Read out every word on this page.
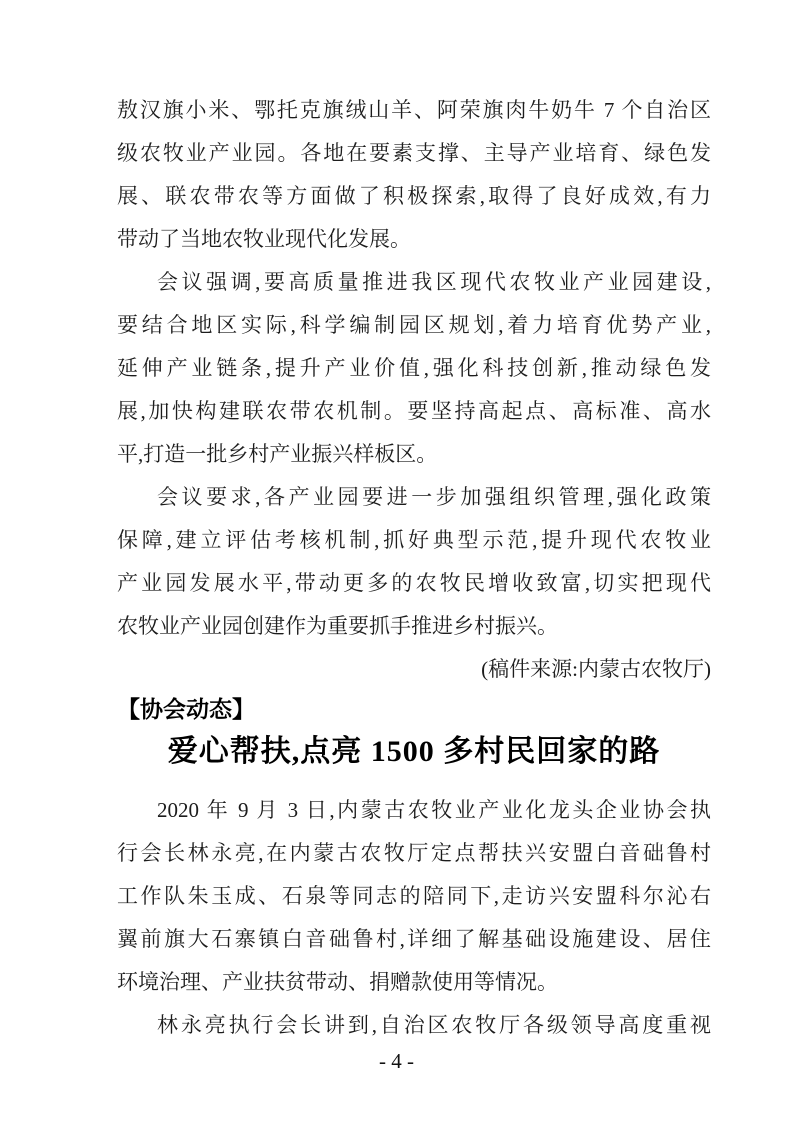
敖汉旗小米、鄂托克旗绒山羊、阿荣旗肉牛奶牛 7 个自治区
级农牧业产业园。各地在要素支撑、主导产业培育、绿色发
展、联农带农等方面做了积极探索,取得了良好成效,有力
带动了当地农牧业现代化发展。
会议强调,要高质量推进我区现代农牧业产业园建设,
要结合地区实际,科学编制园区规划,着力培育优势产业,
延伸产业链条,提升产业价值,强化科技创新,推动绿色发
展,加快构建联农带农机制。要坚持高起点、高标准、高水
平,打造一批乡村产业振兴样板区。
会议要求,各产业园要进一步加强组织管理,强化政策
保障,建立评估考核机制,抓好典型示范,提升现代农牧业
产业园发展水平,带动更多的农牧民增收致富,切实把现代
农牧业产业园创建作为重要抓手推进乡村振兴。
(稿件来源:内蒙古农牧厅)
【协会动态】
爱心帮扶,点亮 1500 多村民回家的路
2020 年 9 月 3 日,内蒙古农牧业产业化龙头企业协会执
行会长林永亮,在内蒙古农牧厅定点帮扶兴安盟白音础鲁村
工作队朱玉成、石泉等同志的陪同下,走访兴安盟科尔沁右
翼前旗大石寨镇白音础鲁村,详细了解基础设施建设、居住
环境治理、产业扶贫带动、捐赠款使用等情况。
林永亮执行会长讲到,自治区农牧厅各级领导高度重视
- 4 -
